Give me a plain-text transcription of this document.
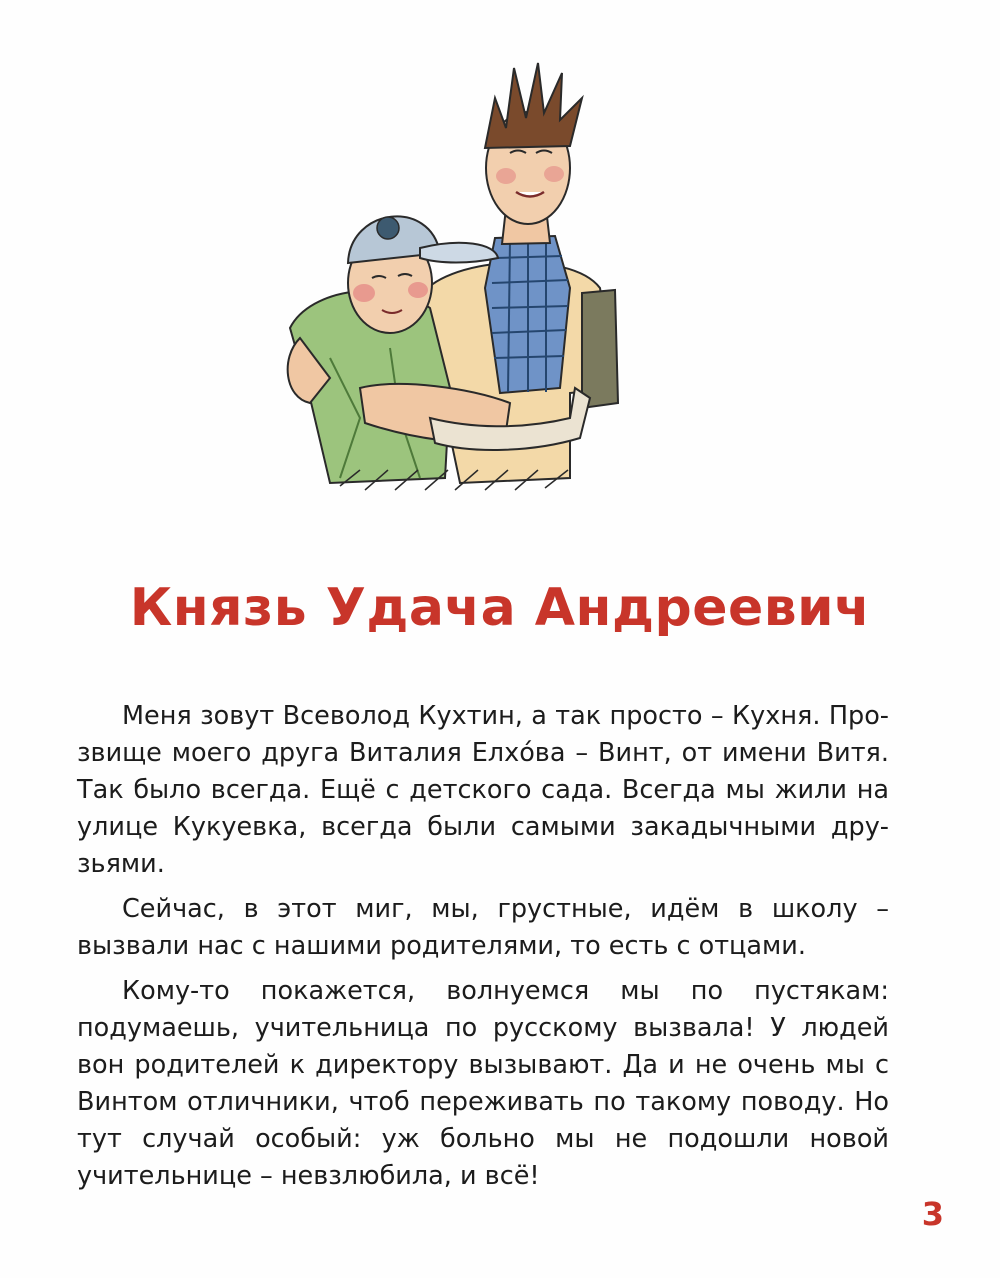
Князь Удача Андреевич

Меня зовут Всеволод Кухтин, а так просто – Кухня. Прозвище моего друга Виталия Елхо́ва – Винт, от имени Витя. Так было всегда. Ещё с детского сада. Всегда мы жили на улице Кукуевка, всегда были самыми закадычными друзьями.

Сейчас, в этот миг, мы, грустные, идём в школу – вызвали нас с нашими родителями, то есть с отцами.

Кому-то покажется, волнуемся мы по пустякам: подумаешь, учительница по русскому вызвала! У людей вон родителей к директору вызывают. Да и не очень мы с Винтом отличники, чтоб переживать по такому поводу. Но тут случай особый: уж больно мы не подошли новой учительнице – невзлюбила, и всё!

3
